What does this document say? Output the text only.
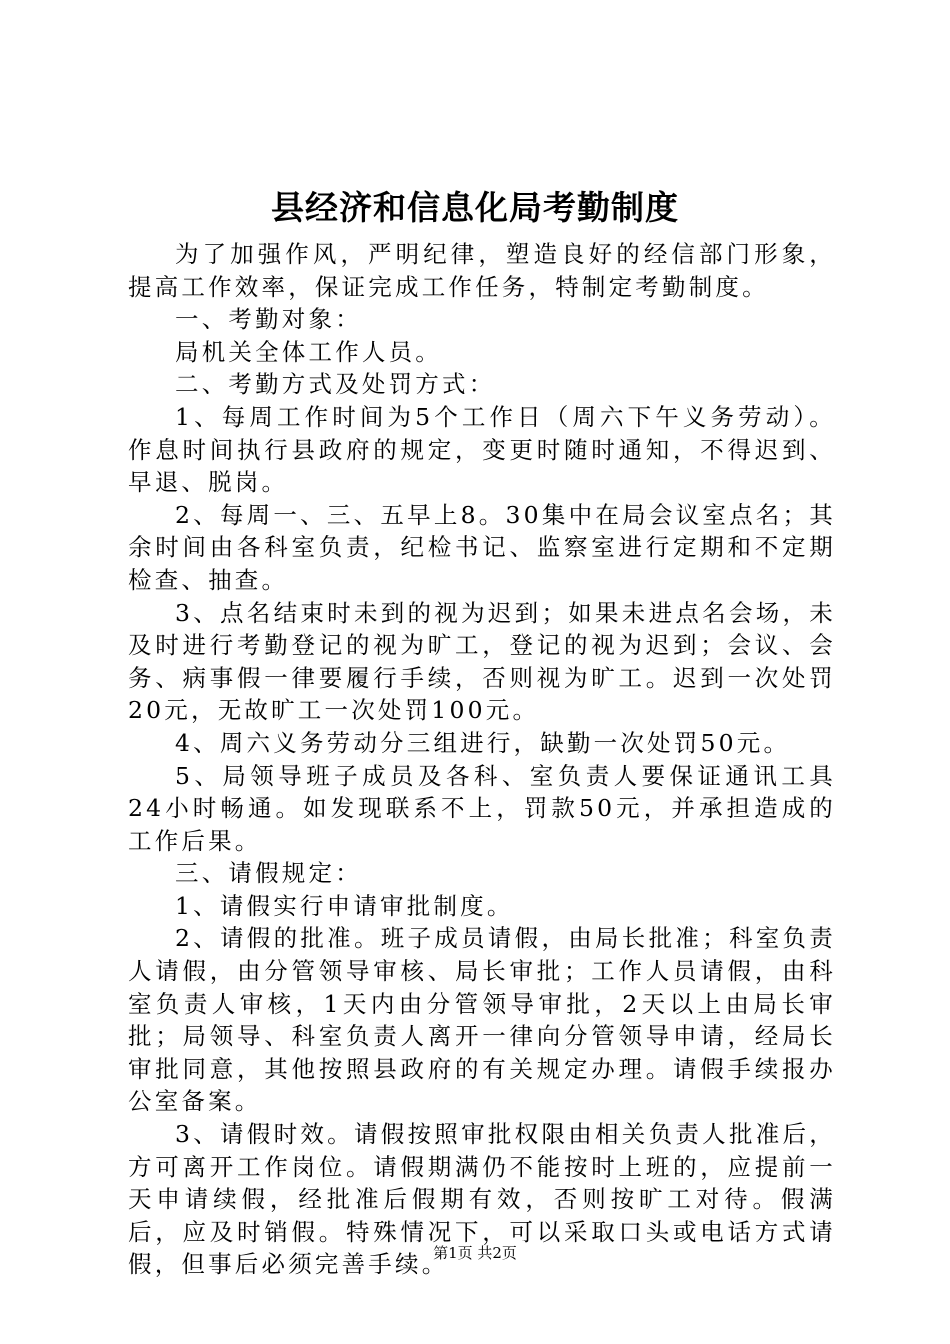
县经济和信息化局考勤制度

为了加强作风，严明纪律，塑造良好的经信部门形象，提高工作效率，保证完成工作任务，特制定考勤制度。

一、考勤对象：

局机关全体工作人员。

二、考勤方式及处罚方式：

1、每周工作时间为5个工作日（周六下午义务劳动）。作息时间执行县政府的规定，变更时随时通知，不得迟到、早退、脱岗。

2、每周一、三、五早上8。30集中在局会议室点名；其余时间由各科室负责，纪检书记、监察室进行定期和不定期检查、抽查。

3、点名结束时未到的视为迟到；如果未进点名会场，未及时进行考勤登记的视为旷工，登记的视为迟到；会议、会务、病事假一律要履行手续，否则视为旷工。迟到一次处罚20元，无故旷工一次处罚100元。

4、周六义务劳动分三组进行，缺勤一次处罚50元。

5、局领导班子成员及各科、室负责人要保证通讯工具24小时畅通。如发现联系不上，罚款50元，并承担造成的工作后果。

三、请假规定：

1、请假实行申请审批制度。

2、请假的批准。班子成员请假，由局长批准；科室负责人请假，由分管领导审核、局长审批；工作人员请假，由科室负责人审核，1天内由分管领导审批，2天以上由局长审批；局领导、科室负责人离开一律向分管领导申请，经局长审批同意，其他按照县政府的有关规定办理。请假手续报办公室备案。

3、请假时效。请假按照审批权限由相关负责人批准后，方可离开工作岗位。请假期满仍不能按时上班的，应提前一天申请续假，经批准后假期有效，否则按旷工对待。假满后，应及时销假。特殊情况下，可以采取口头或电话方式请假，但事后必须完善手续。

第1页 共2页
